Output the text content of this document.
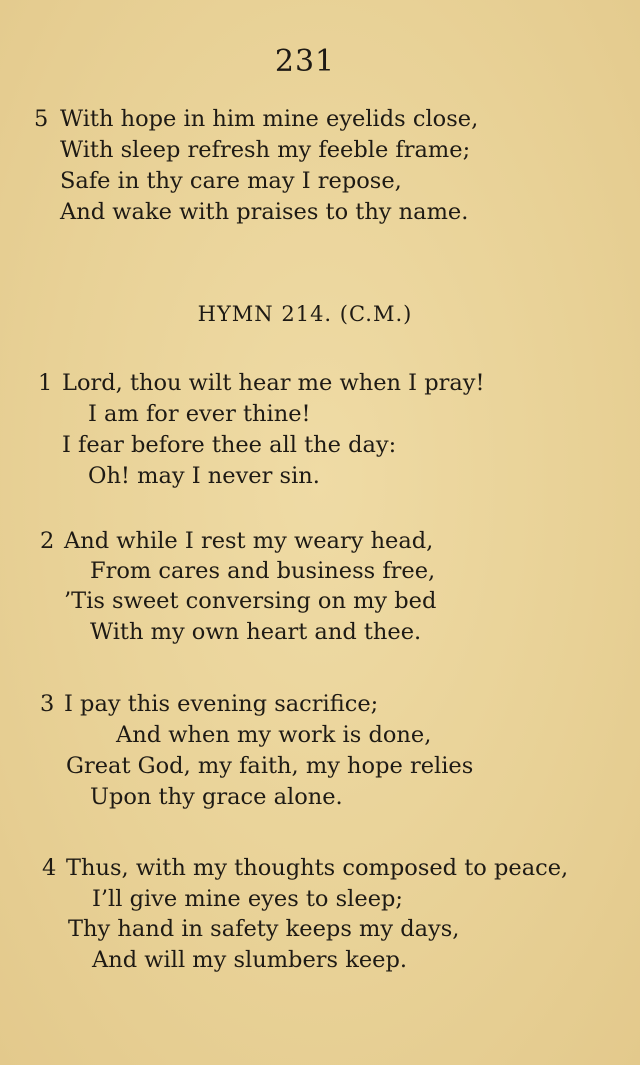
231
5 With hope in him mine eyelids close,
With sleep refresh my feeble frame;
Safe in thy care may I repose,
And wake with praises to thy name.
HYMN 214. (C.M.)
1 Lord, thou wilt hear me when I pray!
I am for ever thine!
I fear before thee all the day:
Oh! may I never sin.
2 And while I rest my weary head,
From cares and business free,
’Tis sweet conversing on my bed
With my own heart and thee.
3 I pay this evening sacrifice;
And when my work is done,
Great God, my faith, my hope relies
Upon thy grace alone.
4 Thus, with my thoughts composed to peace,
I’ll give mine eyes to sleep;
Thy hand in safety keeps my days,
And will my slumbers keep.
